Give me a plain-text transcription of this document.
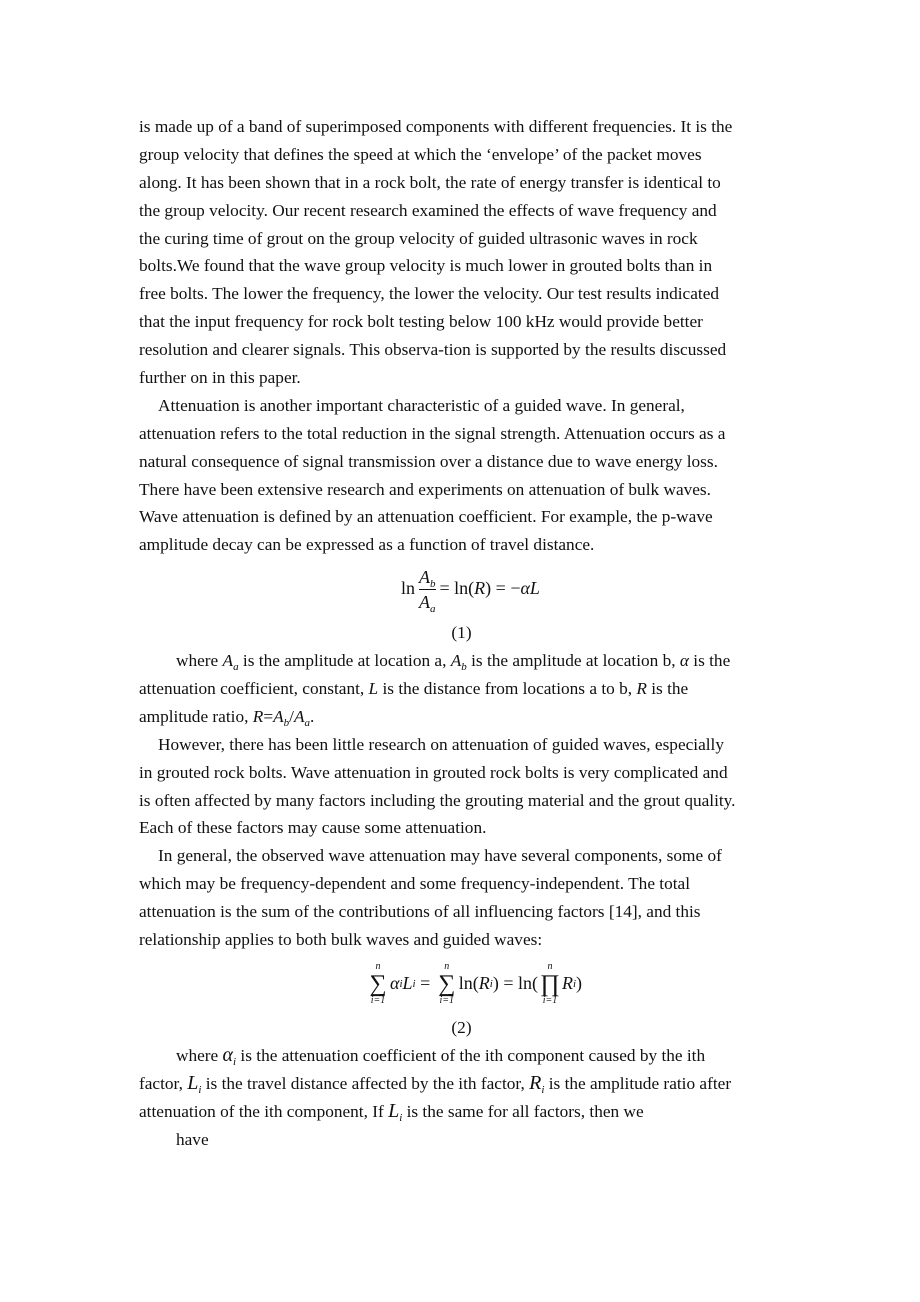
is made up of a band of superimposed components with different frequencies. It is the
group velocity that defines the speed at which the ‘envelope’ of the packet moves
along. It has been shown that in a rock bolt, the rate of energy transfer is identical to
the group velocity. Our recent research examined the effects of wave frequency and
the curing time of grout on the group velocity of guided ultrasonic waves in rock
bolts.We found that the wave group velocity is much lower in grouted bolts than in
free bolts. The lower the frequency, the lower the velocity. Our test results indicated
that the input frequency for rock bolt testing below 100 kHz would provide better
resolution and clearer signals. This observa-tion is supported by the results discussed
further on in this paper.
Attenuation is another important characteristic of a guided wave. In general,
attenuation refers to the total reduction in the signal strength. Attenuation occurs as a
natural consequence of signal transmission over a distance due to wave energy loss.
There have been extensive research and experiments on attenuation of bulk waves.
Wave attenuation is defined by an attenuation coefficient. For example, the p-wave
amplitude decay can be expressed as a function of travel distance.
$\ln \frac{A_b}{A_a} = \ln$( R ) = − α L
(1)
where $A_a$ is the amplitude at location a, $A_b$ is the amplitude at location b, α is the
attenuation coefficient, constant, L is the distance from locations a to b, R is the
amplitude ratio, $R=A_b/A_a$.
However, there has been little research on attenuation of guided waves, especially
in grouted rock bolts. Wave attenuation in grouted rock bolts is very complicated and
is often affected by many factors including the grouting material and the grout quality.
Each of these factors may cause some attenuation.
In general, the observed wave attenuation may have several components, some of
which may be frequency-dependent and some frequency-independent. The total
attenuation is the sum of the contributions of all influencing factors [14], and this
relationship applies to both bulk waves and guided waves:
n
∑
i=1
α i L i =
n
∑
i=1
ln( R i ) = ln(
n
∏
i=1
R i )
(2)
where $\alpha_i$ is the attenuation coefficient of the ith component caused by the ith
factor, $L_i$ is the travel distance affected by the ith factor, $R_i$ is the amplitude ratio after
attenuation of the ith component, If $L_i$ is the same for all factors, then we
have
